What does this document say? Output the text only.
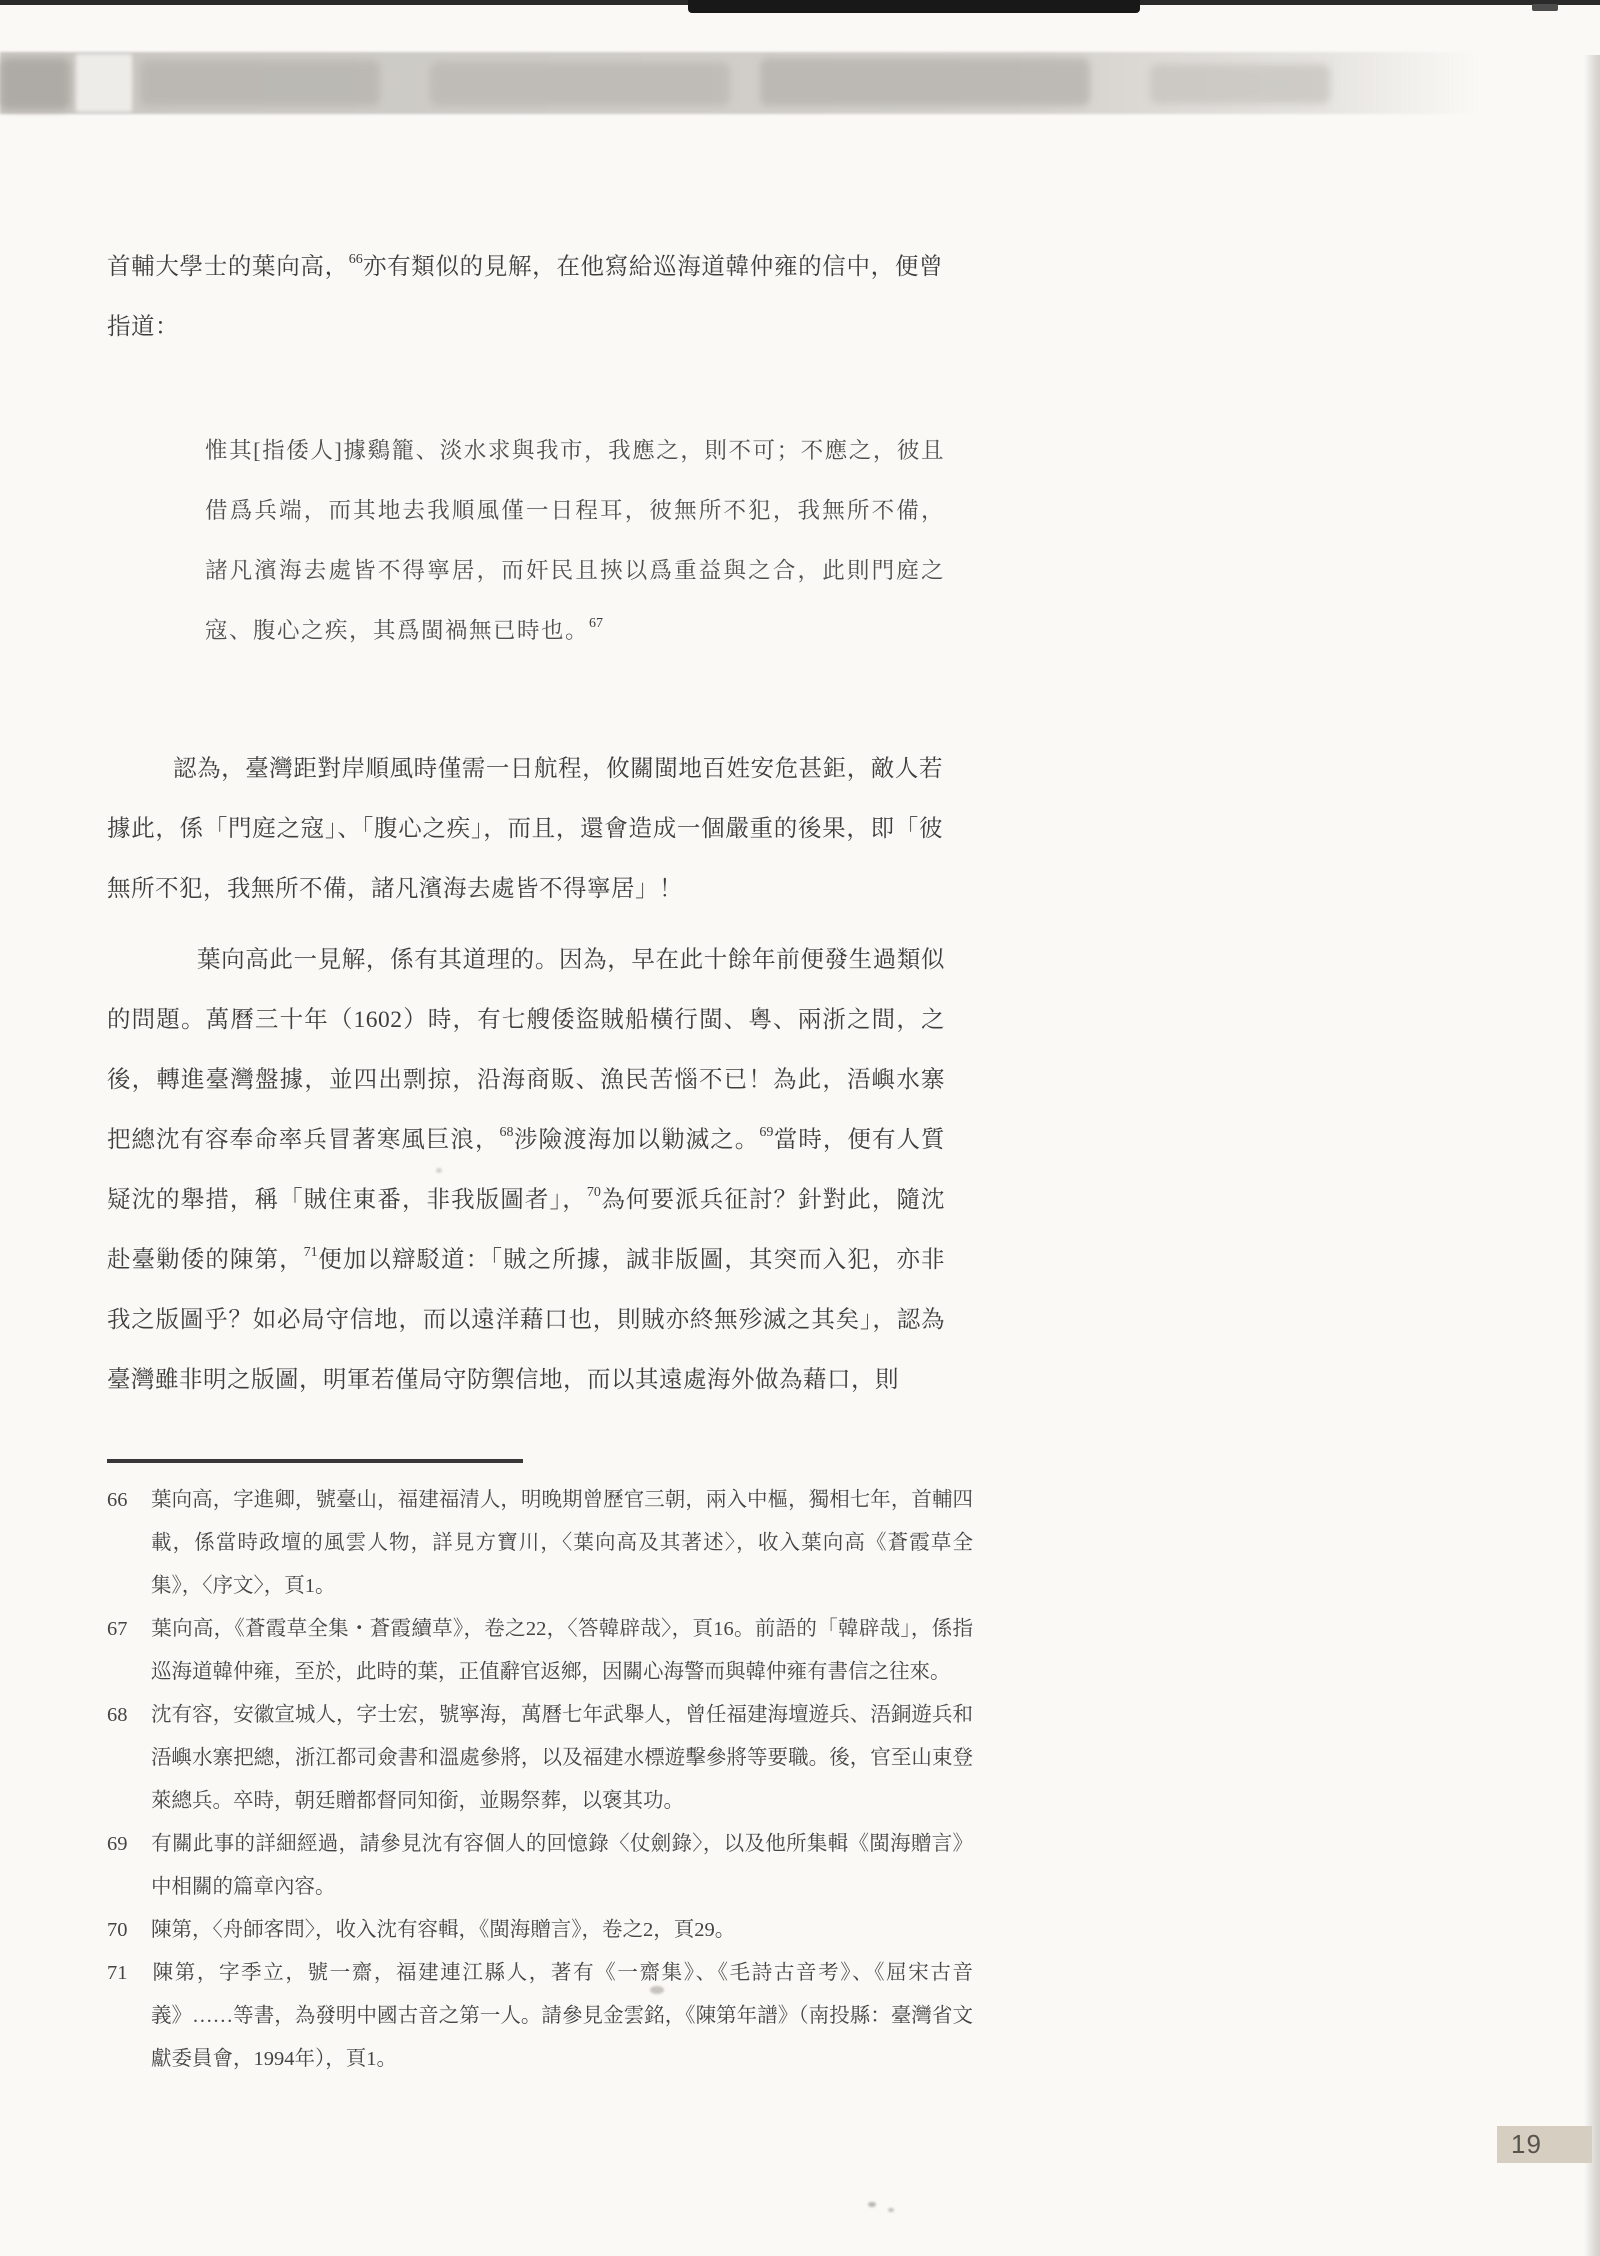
首輔大學士的葉向高，$^{66}$亦有類似的見解，在他寫給巡海道韓仲雍的信中，便曾指道：
惟其[指倭人]據鷄籠、淡水求與我市，我應之，則不可；不應之，彼且借爲兵端，而其地去我順風僅一日程耳，彼無所不犯，我無所不備，諸凡濱海去處皆不得寧居，而奸民且挾以爲重益與之合，此則門庭之寇、腹心之疾，其爲閩禍無已時也。$^{67}$
認為，臺灣距對岸順風時僅需一日航程，攸關閩地百姓安危甚鉅，敵人若據此，係「門庭之寇」、「腹心之疾」，而且，還會造成一個嚴重的後果，即「彼無所不犯，我無所不備，諸凡濱海去處皆不得寧居」！
葉向高此一見解，係有其道理的。因為，早在此十餘年前便發生過類似的問題。萬曆三十年（1602）時，有七艘倭盜賊船橫行閩、粵、兩浙之間，之後，轉進臺灣盤據，並四出剽掠，沿海商販、漁民苦惱不已！為此，浯嶼水寨把總沈有容奉命率兵冒著寒風巨浪，$^{68}$涉險渡海加以勦滅之。$^{69}$當時，便有人質疑沈的舉措，稱「賊住東番，非我版圖者」，$^{70}$為何要派兵征討？針對此，隨沈赴臺勦倭的陳第，$^{71}$便加以辯駁道：「賊之所據，誠非版圖，其突而入犯，亦非我之版圖乎？如必局守信地，而以遠洋藉口也，則賊亦終無殄滅之其矣」，認為臺灣雖非明之版圖，明軍若僅局守防禦信地，而以其遠處海外做為藉口，則
66 葉向高，字進卿，號臺山，福建福清人，明晚期曾歷官三朝，兩入中樞，獨相七年，首輔四載，係當時政壇的風雲人物，詳見方寶川，〈葉向高及其著述〉，收入葉向高《蒼霞草全集》，〈序文〉，頁1。
67 葉向高，《蒼霞草全集・蒼霞續草》，卷之22，〈答韓辟哉〉，頁16。前語的「韓辟哉」，係指巡海道韓仲雍，至於，此時的葉，正值辭官返鄉，因關心海警而與韓仲雍有書信之往來。
68 沈有容，安徽宣城人，字士宏，號寧海，萬曆七年武舉人，曾任福建海壇遊兵、浯銅遊兵和浯嶼水寨把總，浙江都司僉書和溫處參將，以及福建水標遊擊參將等要職。後，官至山東登萊總兵。卒時，朝廷贈都督同知銜，並賜祭葬，以褒其功。
69 有關此事的詳細經過，請參見沈有容個人的回憶錄〈仗劍錄〉，以及他所集輯《閩海贈言》中相關的篇章內容。
70 陳第，〈舟師客問〉，收入沈有容輯，《閩海贈言》，卷之2，頁29。
71 陳第，字季立，號一齋，福建連江縣人，著有《一齋集》、《毛詩古音考》、《屈宋古音義》……等書，為發明中國古音之第一人。請參見金雲銘，《陳第年譜》（南投縣：臺灣省文獻委員會，1994年），頁1。
19
